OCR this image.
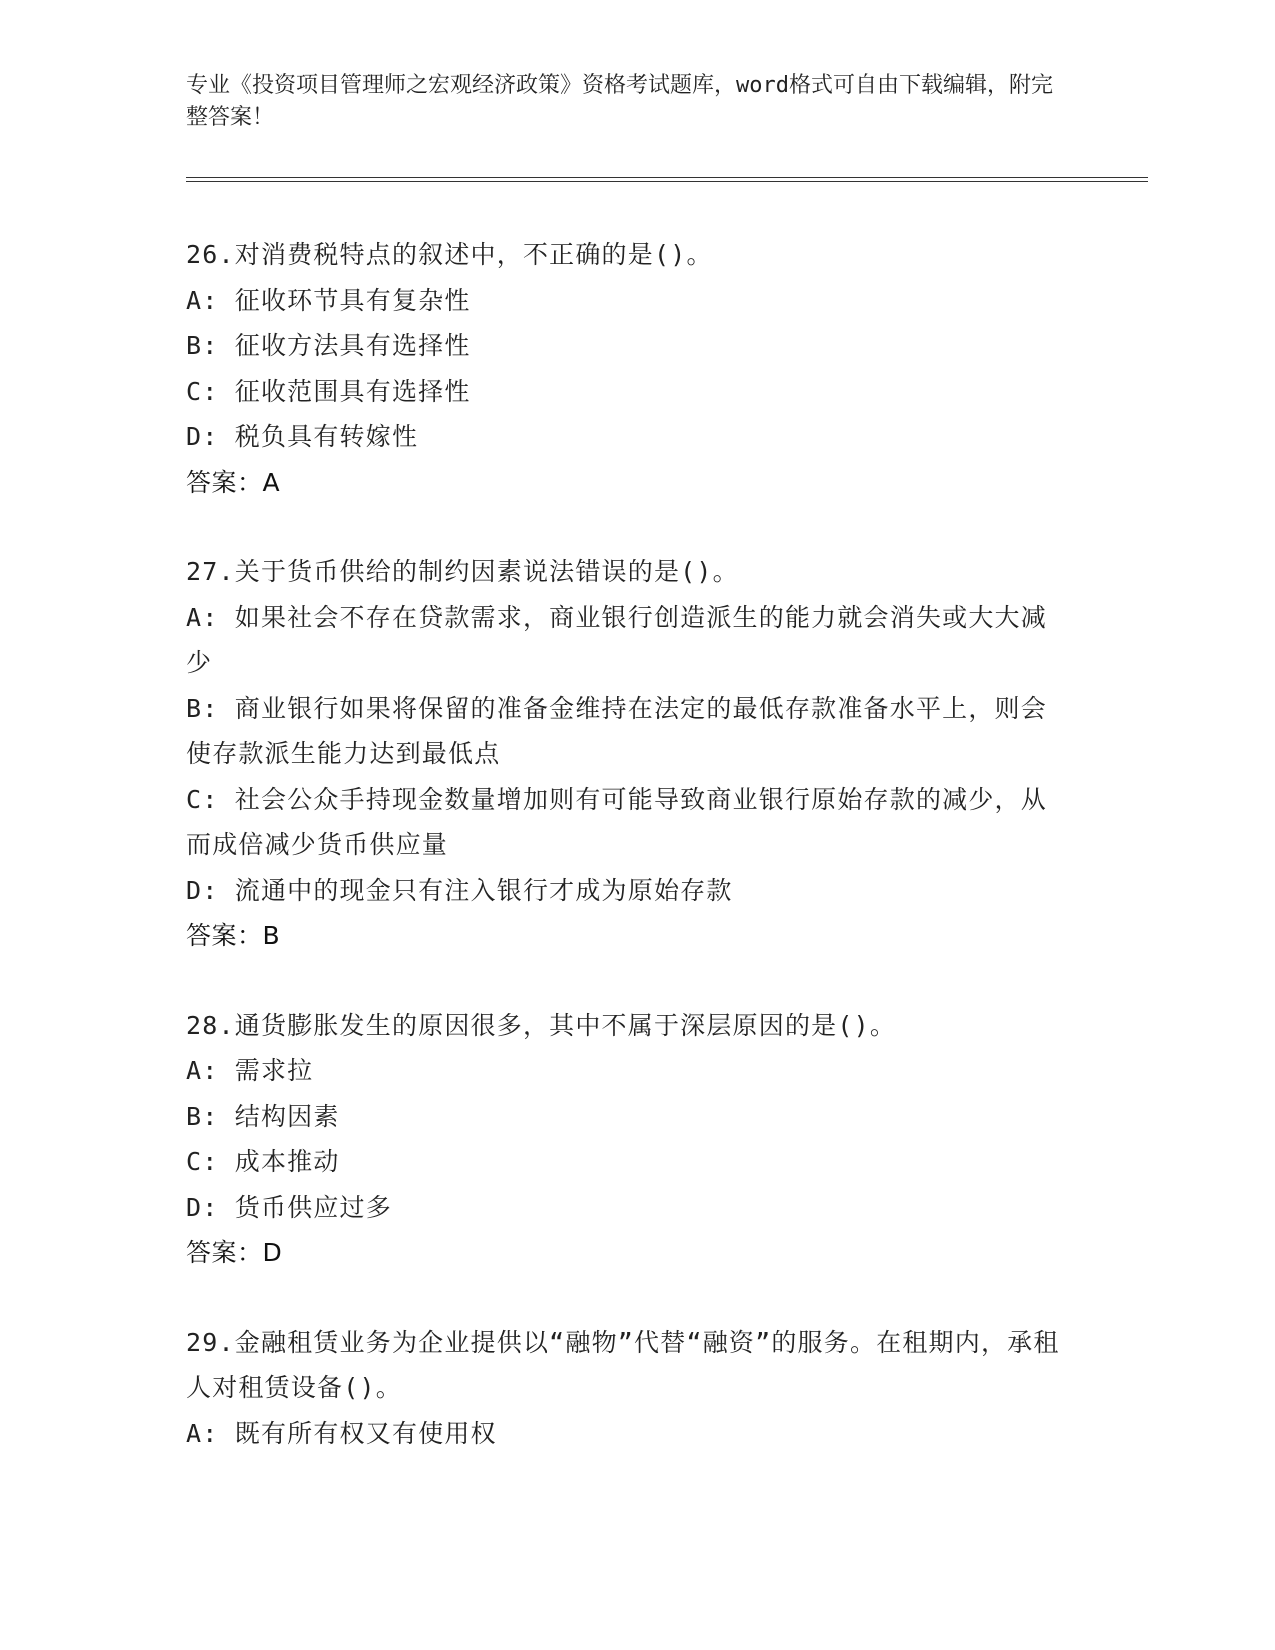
专业《投资项目管理师之宏观经济政策》资格考试题库，word格式可自由下载编辑，附完整答案！

26.对消费税特点的叙述中，不正确的是()。

A: 征收环节具有复杂性

B: 征收方法具有选择性

C: 征收范围具有选择性

D: 税负具有转嫁性

答案：A

27.关于货币供给的制约因素说法错误的是()。

A: 如果社会不存在贷款需求，商业银行创造派生的能力就会消失或大大减少

B: 商业银行如果将保留的准备金维持在法定的最低存款准备水平上，则会使存款派生能力达到最低点

C: 社会公众手持现金数量增加则有可能导致商业银行原始存款的减少，从而成倍减少货币供应量

D: 流通中的现金只有注入银行才成为原始存款

答案：B

28.通货膨胀发生的原因很多，其中不属于深层原因的是()。

A: 需求拉

B: 结构因素

C: 成本推动

D: 货币供应过多

答案：D

29.金融租赁业务为企业提供以“融物”代替“融资”的服务。在租期内，承租人对租赁设备()。

A: 既有所有权又有使用权
